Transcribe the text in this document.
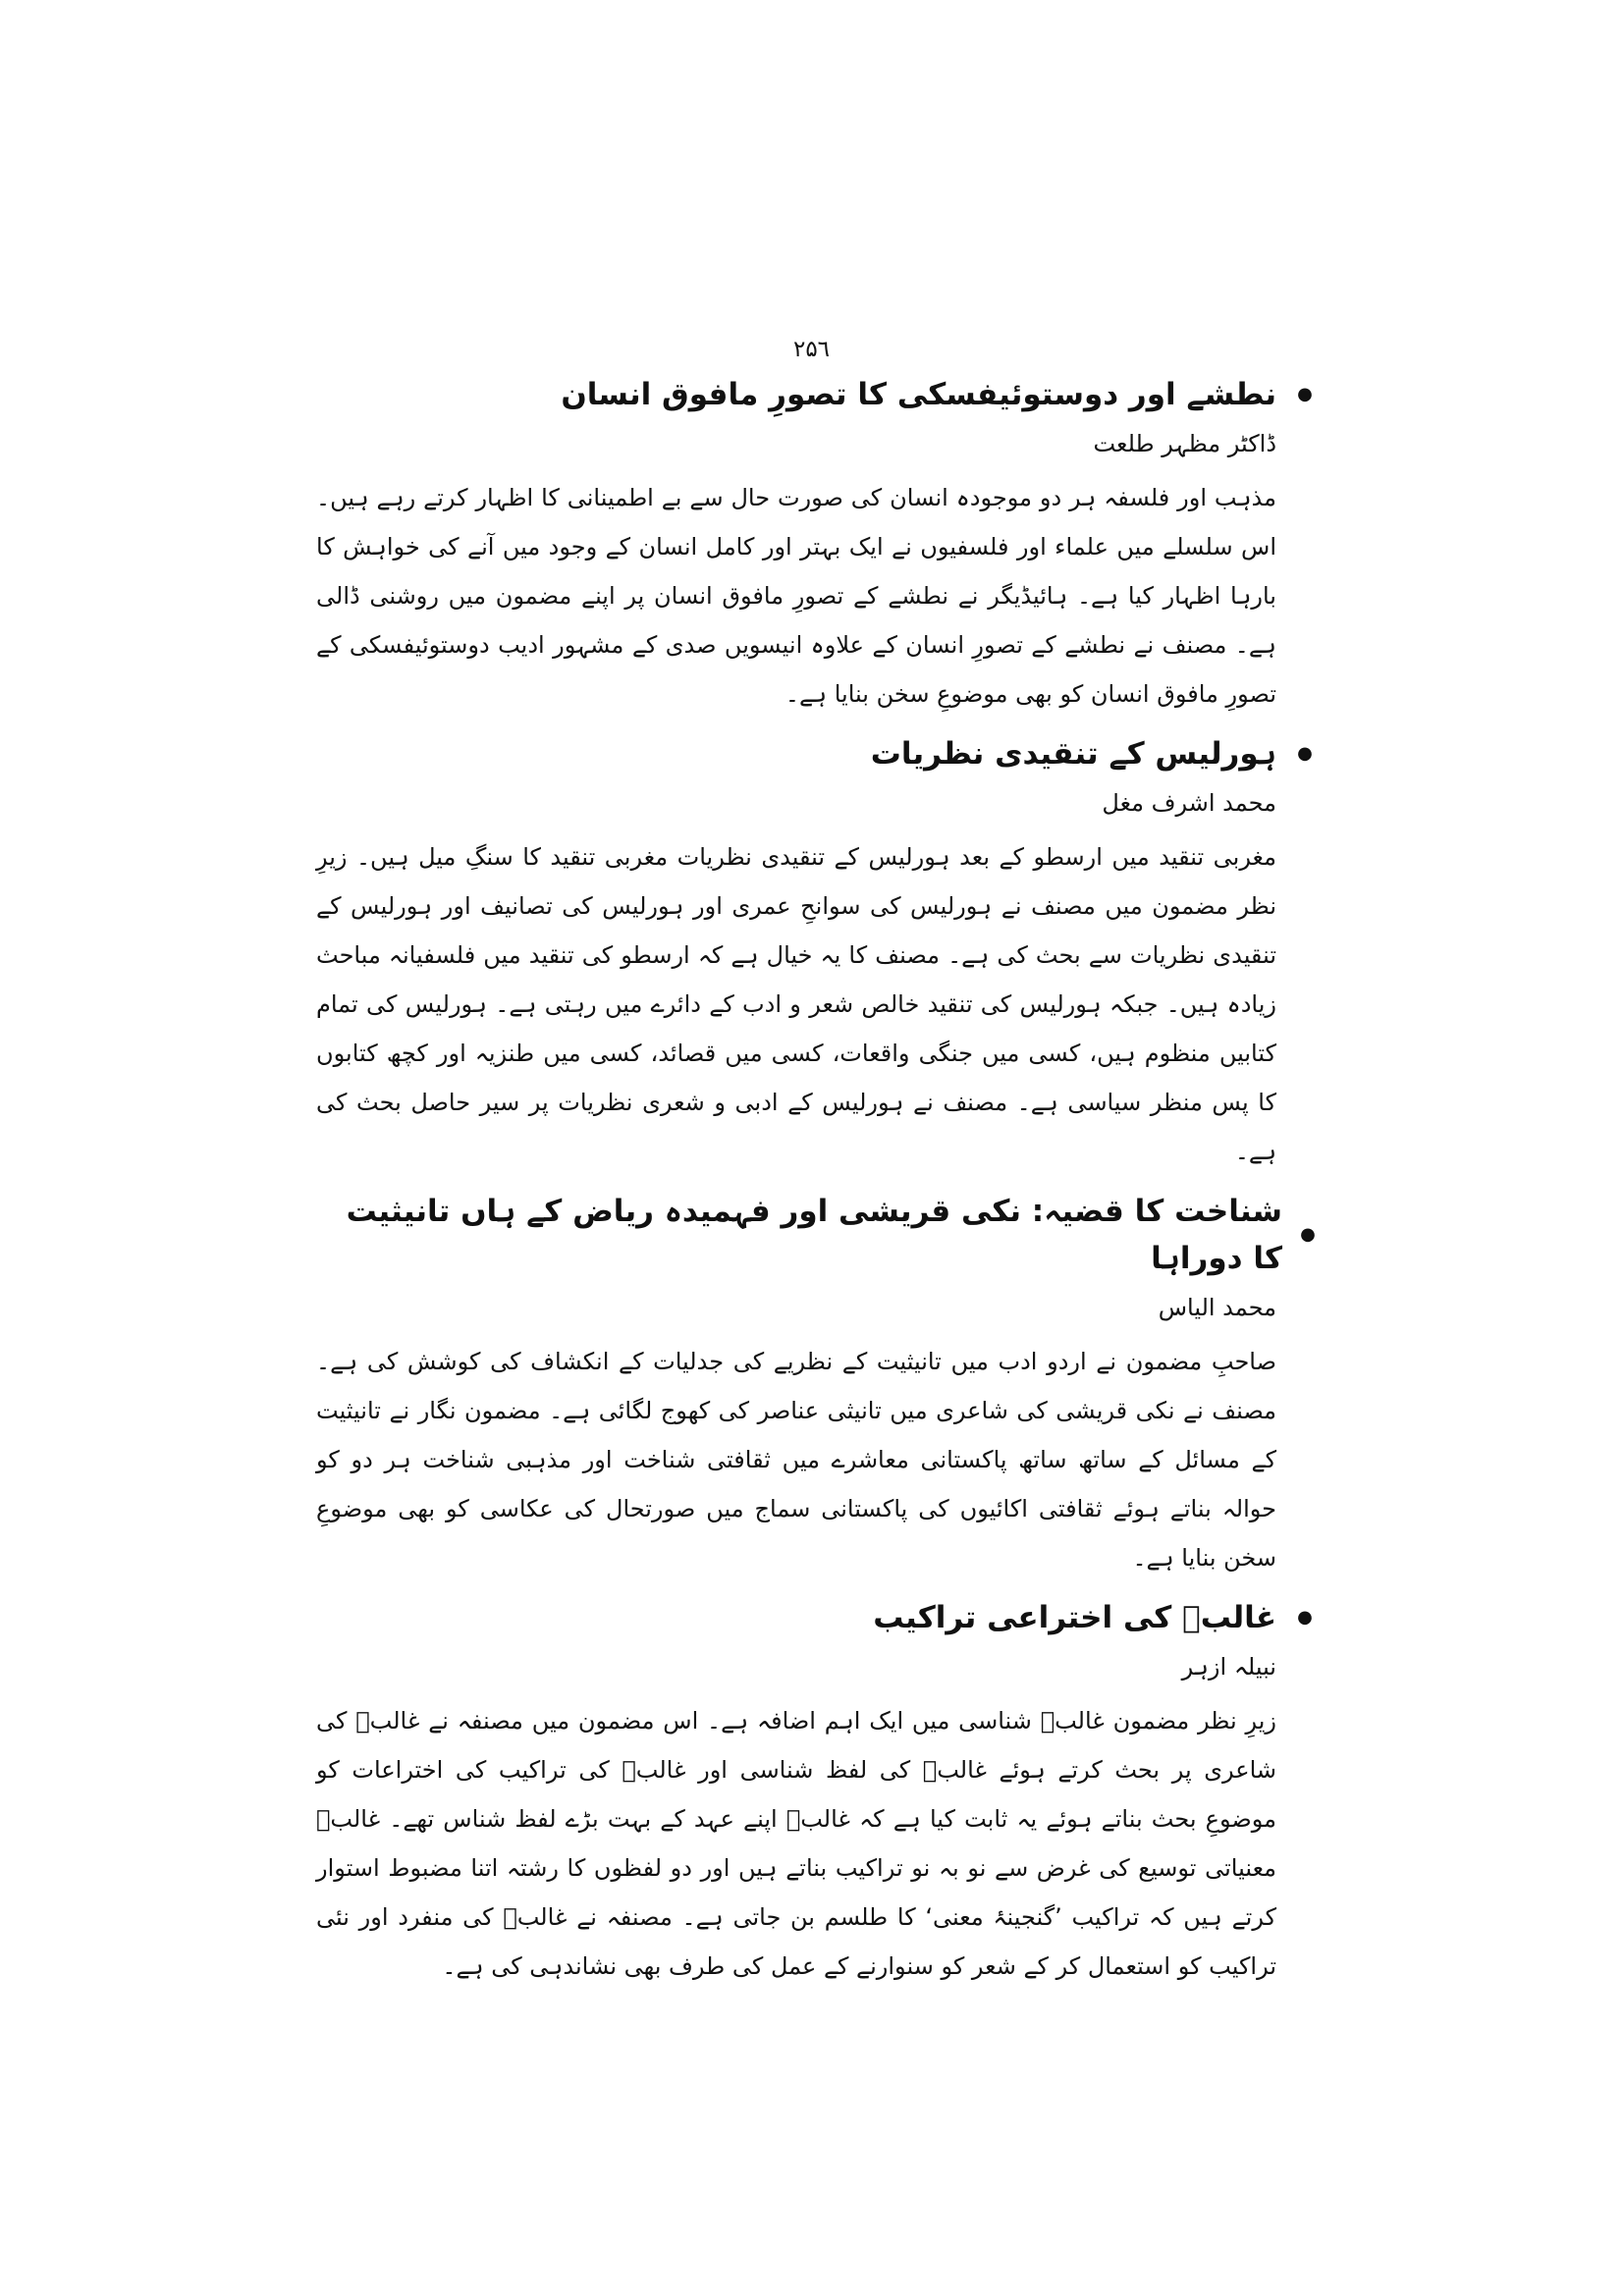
۲۵٦
●
نطشے اور دوستوئیفسکی کا تصورِ مافوق انسان
ڈاکٹر مظہر طلعت

مذہب اور فلسفہ ہر دو موجودہ انسان کی صورت حال سے بے اطمینانی کا اظہار کرتے رہے ہیں۔ اس سلسلے میں علماء اور فلسفیوں نے ایک بہتر اور کامل انسان کے وجود میں آنے کی خواہش کا بارہا اظہار کیا ہے۔ ہائیڈیگر نے نطشے کے تصورِ مافوق انسان پر اپنے مضمون میں روشنی ڈالی ہے۔ مصنف نے نطشے کے تصورِ انسان کے علاوہ انیسویں صدی کے مشہور ادیب دوستوئیفسکی کے تصورِ مافوق انسان کو بھی موضوعِ سخن بنایا ہے۔

●
ہورلیس کے تنقیدی نظریات
محمد اشرف مغل

مغربی تنقید میں ارسطو کے بعد ہورلیس کے تنقیدی نظریات مغربی تنقید کا سنگِ میل ہیں۔ زیرِ نظر مضمون میں مصنف نے ہورلیس کی سوانحِ عمری اور ہورلیس کی تصانیف اور ہورلیس کے تنقیدی نظریات سے بحث کی ہے۔ مصنف کا یہ خیال ہے کہ ارسطو کی تنقید میں فلسفیانہ مباحث زیادہ ہیں۔ جبکہ ہورلیس کی تنقید خالص شعر و ادب کے دائرے میں رہتی ہے۔ ہورلیس کی تمام کتابیں منظوم ہیں، کسی میں جنگی واقعات، کسی میں قصائد، کسی میں طنزیہ اور کچھ کتابوں کا پس منظر سیاسی ہے۔ مصنف نے ہورلیس کے ادبی و شعری نظریات پر سیر حاصل بحث کی ہے۔

●
شناخت کا قضیہ: نکی قریشی اور فہمیدہ ریاض کے ہاں تانیثیت کا دوراہا
محمد الیاس

صاحبِ مضمون نے اردو ادب میں تانیثیت کے نظریے کی جدلیات کے انکشاف کی کوشش کی ہے۔ مصنف نے نکی قریشی کی شاعری میں تانیثی عناصر کی کھوج لگائی ہے۔ مضمون نگار نے تانیثیت کے مسائل کے ساتھ ساتھ پاکستانی معاشرے میں ثقافتی شناخت اور مذہبی شناخت ہر دو کو حوالہ بناتے ہوئے ثقافتی اکائیوں کی پاکستانی سماج میں صورتحال کی عکاسی کو بھی موضوعِ سخن بنایا ہے۔

●
غالبؔ کی اختراعی تراکیب
نبیلہ ازہر

زیرِ نظر مضمون غالبؔ شناسی میں ایک اہم اضافہ ہے۔ اس مضمون میں مصنفہ نے غالبؔ کی شاعری پر بحث کرتے ہوئے غالبؔ کی لفظ شناسی اور غالبؔ کی تراکیب کی اختراعات کو موضوعِ بحث بناتے ہوئے یہ ثابت کیا ہے کہ غالبؔ اپنے عہد کے بہت بڑے لفظ شناس تھے۔ غالبؔ معنیاتی توسیع کی غرض سے نو بہ نو تراکیب بناتے ہیں اور دو لفظوں کا رشتہ اتنا مضبوط استوار کرتے ہیں کہ تراکیب ’گنجینۂ معنی‘ کا طلسم بن جاتی ہے۔ مصنفہ نے غالبؔ کی منفرد اور نئی تراکیب کو استعمال کر کے شعر کو سنوارنے کے عمل کی طرف بھی نشاندہی کی ہے۔
